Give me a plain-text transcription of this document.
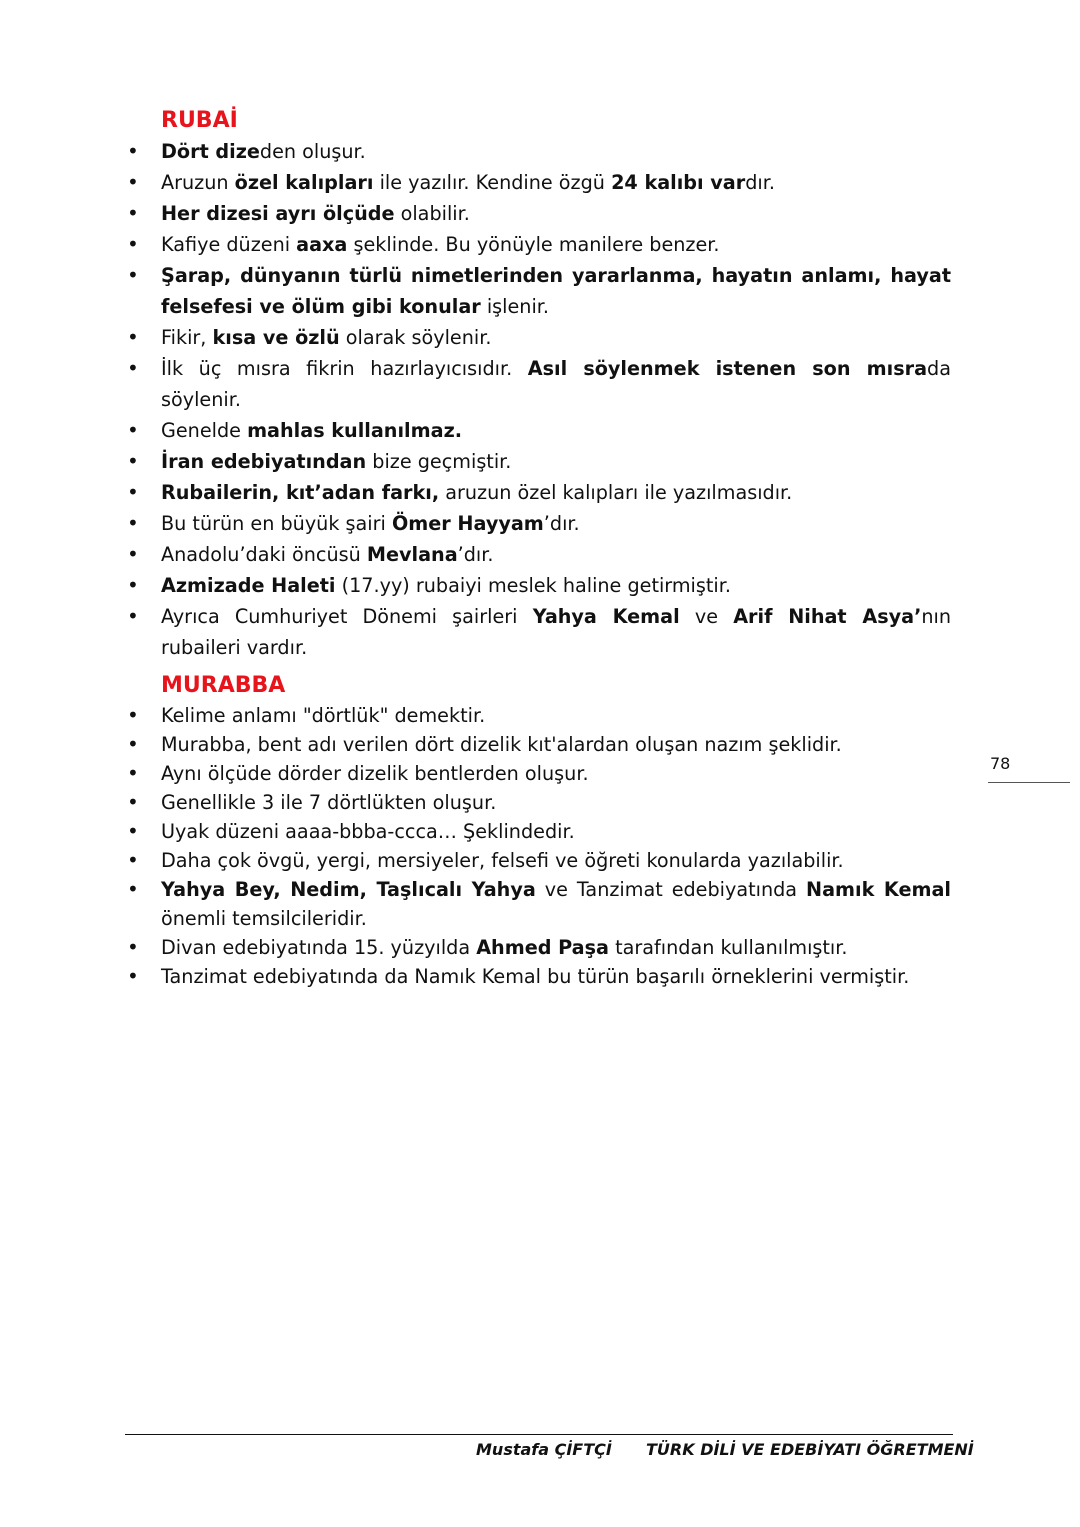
RUBAİ
• Dört dizeden oluşur.
• Aruzun özel kalıpları ile yazılır. Kendine özgü 24 kalıbı vardır.
• Her dizesi ayrı ölçüde olabilir.
• Kafiye düzeni aaxa şeklinde. Bu yönüyle manilere benzer.
• Şarap, dünyanın türlü nimetlerinden yararlanma, hayatın anlamı, hayat felsefesi ve ölüm gibi konular işlenir.
• Fikir, kısa ve özlü olarak söylenir.
• İlk üç mısra fikrin hazırlayıcısıdır. Asıl söylenmek istenen son mısrada söylenir.
• Genelde mahlas kullanılmaz.
• İran edebiyatından bize geçmiştir.
• Rubailerin, kıt’adan farkı, aruzun özel kalıpları ile yazılmasıdır.
• Bu türün en büyük şairi Ömer Hayyam’dır.
• Anadolu’daki öncüsü Mevlana’dır.
• Azmizade Haleti (17.yy) rubaiyi meslek haline getirmiştir.
• Ayrıca Cumhuriyet Dönemi şairleri Yahya Kemal ve Arif Nihat Asya’nın rubaileri vardır.
MURABBA
• Kelime anlamı "dörtlük" demektir.
• Murabba, bent adı verilen dört dizelik kıt'alardan oluşan nazım şeklidir.
• Aynı ölçüde dörder dizelik bentlerden oluşur.
• Genellikle 3 ile 7 dörtlükten oluşur.
• Uyak düzeni aaaa-bbba-ccca… Şeklindedir.
• Daha çok övgü, yergi, mersiyeler, felsefi ve öğreti konularda yazılabilir.
• Yahya Bey, Nedim, Taşlıcalı Yahya ve Tanzimat edebiyatında Namık Kemal önemli temsilcileridir.
• Divan edebiyatında 15. yüzyılda Ahmed Paşa tarafından kullanılmıştır.
• Tanzimat edebiyatında da Namık Kemal bu türün başarılı örneklerini vermiştir.
78
Mustafa ÇİFTÇİ TÜRK DİLİ VE EDEBİYATI ÖĞRETMENİ
